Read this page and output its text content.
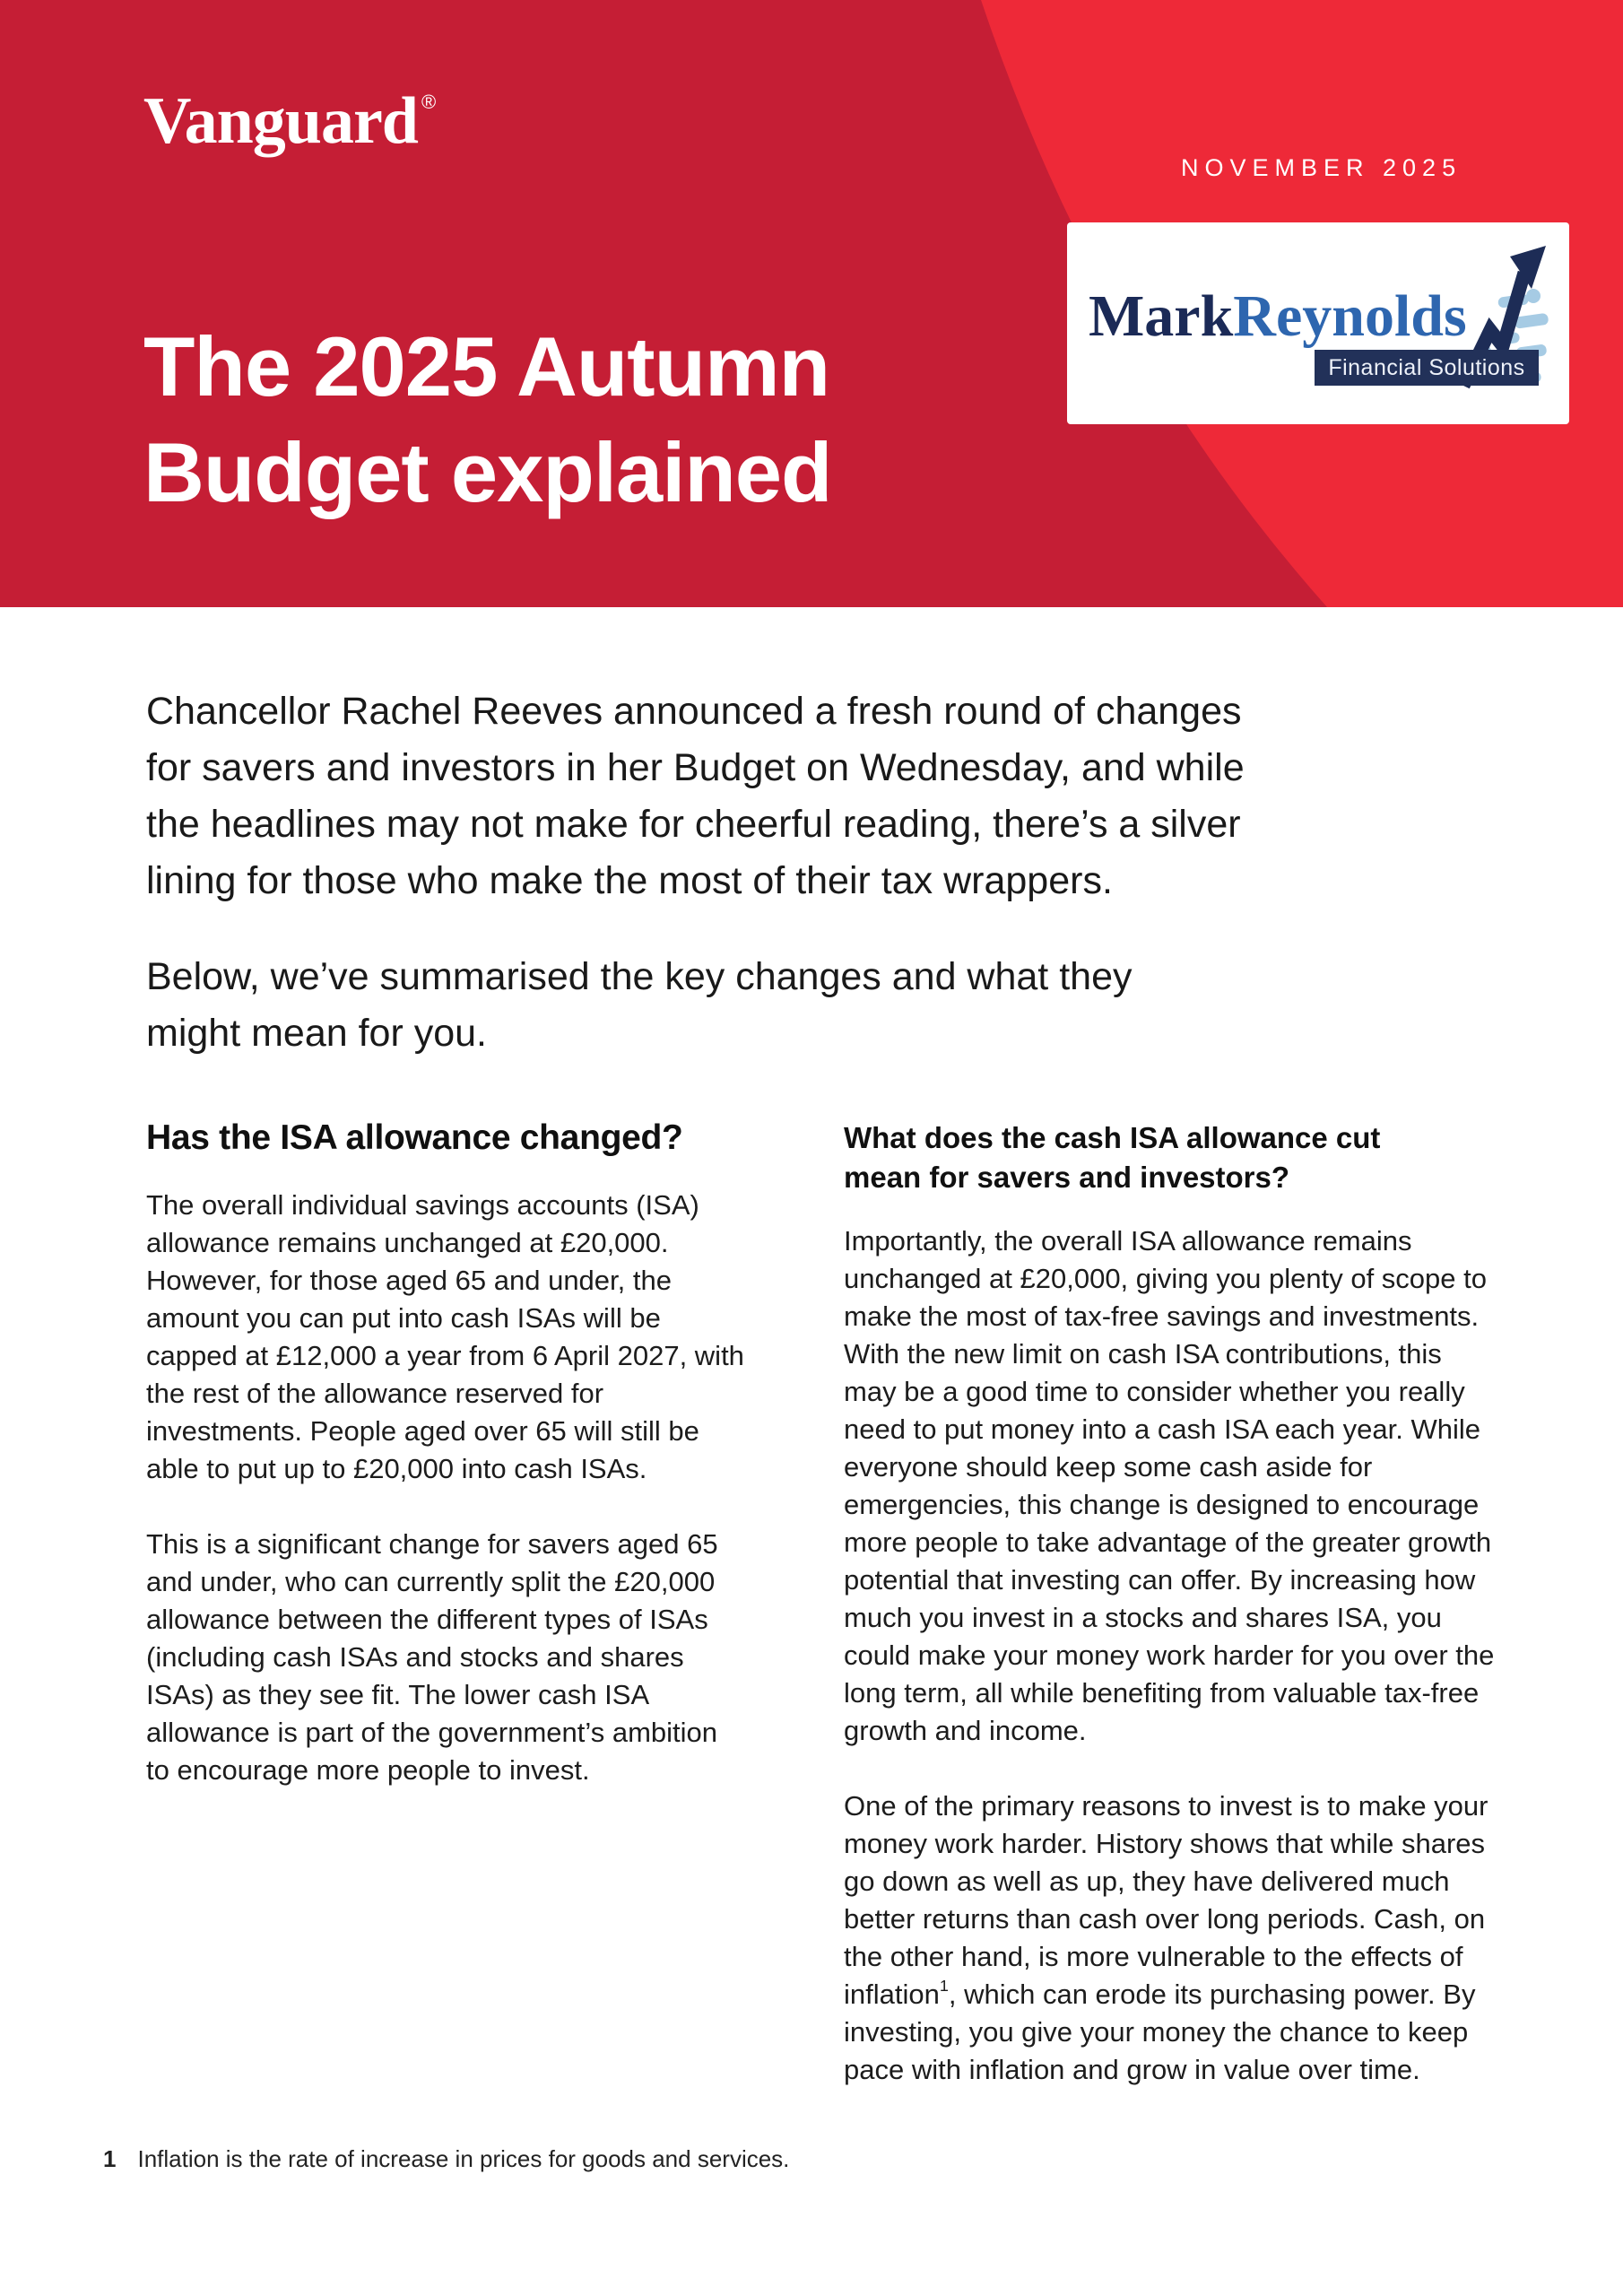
Vanguard ®
NOVEMBER 2025
The 2025 Autumn
Budget explained
MarkReynolds
Financial Solutions
Chancellor Rachel Reeves announced a fresh round of changes
for savers and investors in her Budget on Wednesday, and while
the headlines may not make for cheerful reading, there’s a silver
lining for those who make the most of their tax wrappers.
Below, we’ve summarised the key changes and what they
might mean for you.
Has the ISA allowance changed?

The overall individual savings accounts (ISA) allowance remains unchanged at £20,000. However, for those aged 65 and under, the amount you can put into cash ISAs will be capped at £12,000 a year from 6 April 2027, with the rest of the allowance reserved for investments. People aged over 65 will still be able to put up to £20,000 into cash ISAs.

This is a significant change for savers aged 65 and under, who can currently split the £20,000 allowance between the different types of ISAs (including cash ISAs and stocks and shares ISAs) as they see fit. The lower cash ISA allowance is part of the government’s ambition to encourage more people to invest.

What does the cash ISA allowance cut
mean for savers and investors?

Importantly, the overall ISA allowance remains unchanged at £20,000, giving you plenty of scope to make the most of tax-free savings and investments. With the new limit on cash ISA contributions, this may be a good time to consider whether you really need to put money into a cash ISA each year. While everyone should keep some cash aside for emergencies, this change is designed to encourage more people to take advantage of the greater growth potential that investing can offer. By increasing how much you invest in a stocks and shares ISA, you could make your money work harder for you over the long term, all while benefiting from valuable tax-free growth and income.

One of the primary reasons to invest is to make your money work harder. History shows that while shares go down as well as up, they have delivered much better returns than cash over long periods. Cash, on the other hand, is more vulnerable to the effects of inflation$^1$, which can erode its purchasing power. By investing, you give your money the chance to keep pace with inflation and grow in value over time.

1 Inflation is the rate of increase in prices for goods and services.
